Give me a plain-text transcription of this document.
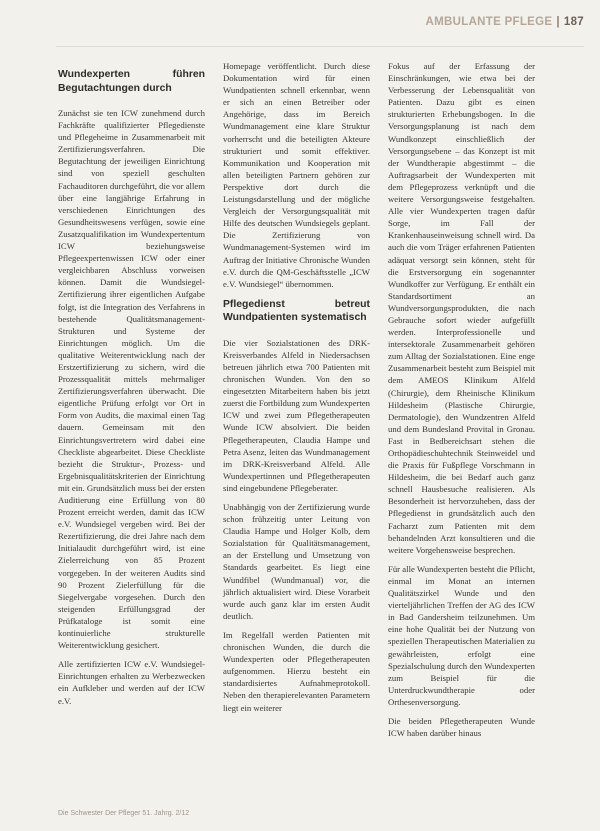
AMBULANTE PFLEGE | 187
Wundexperten führen Begutachtungen durch

Zunächst sie ten ICW zunehmend durch Fachkräfte qualifizierter Pflegedienste und Pflegeheime in Zusammenarbeit mit Zertifizierungsverfahren. Die Begutachtung der jeweiligen Einrichtung sind von speziell geschulten Fachauditoren durchgeführt, die vor allem über eine langjährige Erfahrung in verschiedenen Einrichtungen des Gesundheitswesens verfügen, sowie eine Zusatzqualifikation im Wundexpertentum ICW beziehungsweise Pflegeexpertenwissen ICW oder einer vergleichbaren Abschluss vorweisen können. Damit die Wundsiegel-Zertifizierung ihrer eigentlichen Aufgabe folgt, ist die Integration des Verfahrens in bestehende Qualitätsmanagement-Strukturen und Systeme der Einrichtungen möglich. Um die qualitative Weiterentwicklung nach der Erstzertifizierung zu sichern, wird die Prozessqualität mittels mehrmaliger Zertifizierungsverfahren überwacht. Die eigentliche Prüfung erfolgt vor Ort in Form von Audits, die maximal einen Tag dauern. Gemeinsam mit den Einrichtungsvertretern wird dabei eine Checkliste abgearbeitet. Diese Checkliste bezieht die Struktur-, Prozess- und Ergebnisqualitätskriterien der Einrichtung mit ein. Grundsätzlich muss bei der ersten Auditierung eine Erfüllung von 80 Prozent erreicht werden, damit das ICW e.V. Wundsiegel vergeben wird. Bei der Rezertifizierung, die drei Jahre nach dem Initialaudit durchgeführt wird, ist eine Zielerreichung von 85 Prozent vorgegeben. In der weiteren Audits sind 90 Prozent Zielerfüllung für die Siegelvergabe vorgesehen. Durch den steigenden Erfüllungsgrad der Prüfkataloge ist somit eine kontinuierliche strukturelle Weiterentwicklung gesichert.

Alle zertifizierten ICW e.V. Wundsiegel-Einrichtungen erhalten zu Werbezwecken ein Aufkleber und werden auf der ICW e.V.

Homepage veröffentlicht. Durch diese Dokumentation wird für einen Wundpatienten schnell erkennbar, wenn er sich an einen Betreiber oder Angehörige, dass im Bereich Wundmanagement eine klare Struktur vorherrscht und die beteiligten Akteure strukturiert und somit effektiver. Kommunikation und Kooperation mit allen beteiligten Partnern gehören zur Perspektive dort durch die Leistungsdarstellung und der mögliche Vergleich der Versorgungsqualität mit Hilfe des deutschen Wundsiegels geplant. Die Zertifizierung von Wundmanagement-Systemen wird im Auftrag der Initiative Chronische Wunden e.V. durch die QM-Geschäftsstelle „ICW e.V. Wundsiegel“ übernommen.

Pflegedienst betreut Wundpatienten systematisch

Die vier Sozialstationen des DRK-Kreisverbandes Alfeld in Niedersachsen betreuen jährlich etwa 700 Patienten mit chronischen Wunden. Von den so eingesetzten Mitarbeitern haben bis jetzt zuerst die Fortbildung zum Wundexperten ICW und zwei zum Pflegetherapeuten Wunde ICW absolviert. Die beiden Pflegetherapeuten, Claudia Hampe und Petra Asenz, leiten das Wundmanagement im DRK-Kreisverband Alfeld. Alle Wundexpertinnen und Pflegetherapeuten sind eingebundene Pflegeberater.

Unabhängig von der Zertifizierung wurde schon frühzeitig unter Leitung von Claudia Hampe und Holger Kolb, dem Sozialstation für Qualitätsmanagement, an der Erstellung und Umsetzung von Standards gearbeitet. Es liegt eine Wundfibel (Wundmanual) vor, die jährlich aktualisiert wird. Diese Vorarbeit wurde auch ganz klar im ersten Audit deutlich.

Im Regelfall werden Patienten mit chronischen Wunden, die durch die Wundexperten oder Pflegetherapeuten aufgenommen. Hierzu besteht ein standardisiertes Aufnahmeprotokoll. Neben den therapierelevanten Parametern liegt ein weiterer

Fokus auf der Erfassung der Einschränkungen, wie etwa bei der Verbesserung der Lebensqualität von Patienten. Dazu gibt es einen strukturierten Erhebungsbogen. In die Versorgungsplanung ist nach dem Wundkonzept einschließlich der Versorgungsebene – das Konzept ist mit der Wundtherapie abgestimmt – die Auftragsarbeit der Wundexperten mit dem Pflegeprozess verknüpft und die weitere Versorgungsweise festgehalten. Alle vier Wundexperten tragen dafür Sorge, im Fall der Krankenhauseinweisung schnell wird. Da auch die vom Träger erfahrenen Patienten adäquat versorgt sein können, steht für die Erstversorgung ein sogenannter Wundkoffer zur Verfügung. Er enthält ein Standardsortiment an Wundversorgungsprodukten, die nach Gebrauche sofort wieder aufgefüllt werden. Interprofessionelle und intersektorale Zusammenarbeit gehören zum Alltag der Sozialstationen. Eine enge Zusammenarbeit besteht zum Beispiel mit dem AMEOS Klinikum Alfeld (Chirurgie), dem Rheinische Klinikum Hildesheim (Plastische Chirurgie, Dermatologie), den Wundzentren Alfeld und dem Bundesland Provital in Gronau. Fast in Bedbereichsart stehen die Orthopädieschuhtechnik Steinweidel und die Praxis für Fußpflege Vorschmann in Hildesheim, die bei Bedarf auch ganz schnell Hausbesuche realisieren. Als Besonderheit ist hervorzuheben, dass der Pflegedienst in grundsätzlich auch den Facharzt zum Patienten mit dem behandelnden Arzt konsultieren und die weitere Vorgehensweise besprechen.

Für alle Wundexperten besteht die Pflicht, einmal im Monat an internen Qualitätszirkel Wunde und den vierteljährlichen Treffen der AG des ICW in Bad Gandersheim teilzunehmen. Um eine hohe Qualität bei der Nutzung von speziellen Therapeutischen Materialien zu gewährleisten, erfolgt eine Spezialschulung durch den Wundexperten zum Beispiel für die Unterdruckwundtherapie oder Orthesenversorgung.

Die beiden Pflegetherapeuten Wunde ICW haben darüber hinaus

Die Schwester Der Pfleger 51. Jahrg. 2/12
